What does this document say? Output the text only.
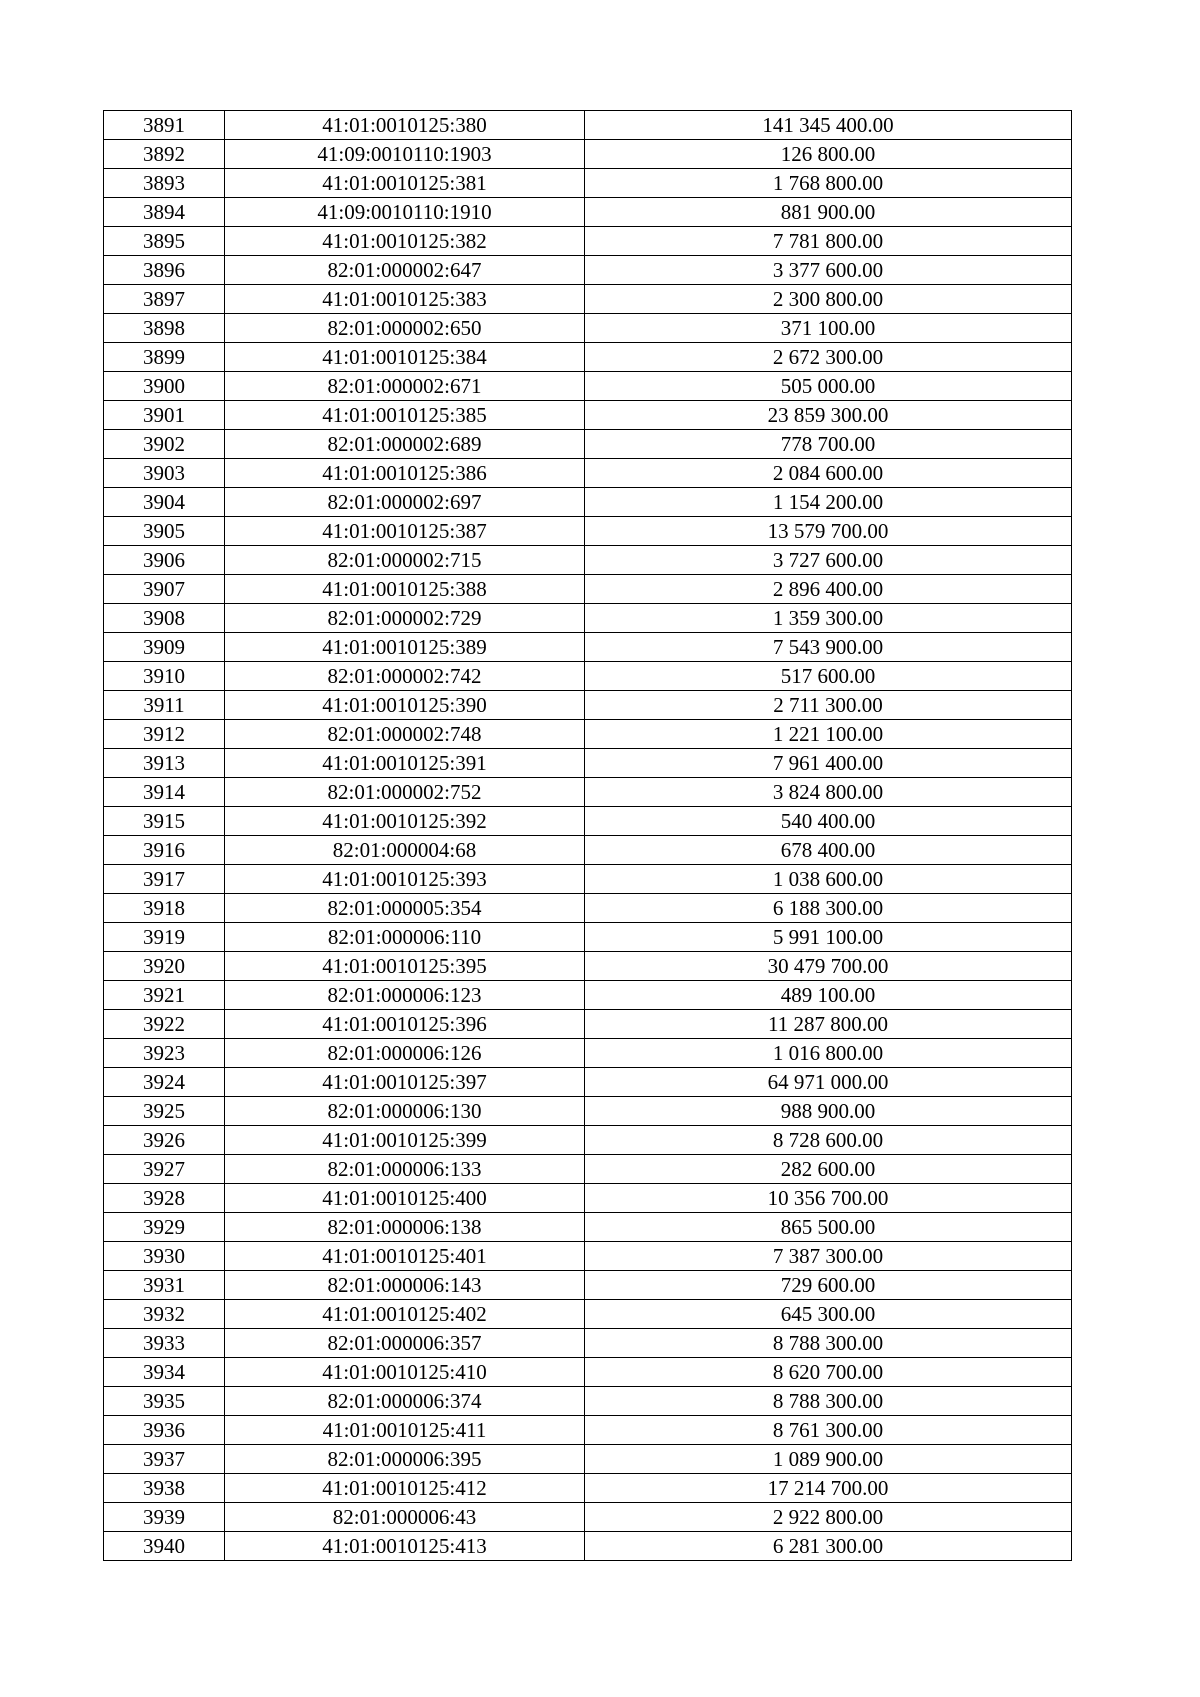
3891	41:01:0010125:380	141 345 400.00
3892	41:09:0010110:1903	126 800.00
3893	41:01:0010125:381	1 768 800.00
3894	41:09:0010110:1910	881 900.00
3895	41:01:0010125:382	7 781 800.00
3896	82:01:000002:647	3 377 600.00
3897	41:01:0010125:383	2 300 800.00
3898	82:01:000002:650	371 100.00
3899	41:01:0010125:384	2 672 300.00
3900	82:01:000002:671	505 000.00
3901	41:01:0010125:385	23 859 300.00
3902	82:01:000002:689	778 700.00
3903	41:01:0010125:386	2 084 600.00
3904	82:01:000002:697	1 154 200.00
3905	41:01:0010125:387	13 579 700.00
3906	82:01:000002:715	3 727 600.00
3907	41:01:0010125:388	2 896 400.00
3908	82:01:000002:729	1 359 300.00
3909	41:01:0010125:389	7 543 900.00
3910	82:01:000002:742	517 600.00
3911	41:01:0010125:390	2 711 300.00
3912	82:01:000002:748	1 221 100.00
3913	41:01:0010125:391	7 961 400.00
3914	82:01:000002:752	3 824 800.00
3915	41:01:0010125:392	540 400.00
3916	82:01:000004:68	678 400.00
3917	41:01:0010125:393	1 038 600.00
3918	82:01:000005:354	6 188 300.00
3919	82:01:000006:110	5 991 100.00
3920	41:01:0010125:395	30 479 700.00
3921	82:01:000006:123	489 100.00
3922	41:01:0010125:396	11 287 800.00
3923	82:01:000006:126	1 016 800.00
3924	41:01:0010125:397	64 971 000.00
3925	82:01:000006:130	988 900.00
3926	41:01:0010125:399	8 728 600.00
3927	82:01:000006:133	282 600.00
3928	41:01:0010125:400	10 356 700.00
3929	82:01:000006:138	865 500.00
3930	41:01:0010125:401	7 387 300.00
3931	82:01:000006:143	729 600.00
3932	41:01:0010125:402	645 300.00
3933	82:01:000006:357	8 788 300.00
3934	41:01:0010125:410	8 620 700.00
3935	82:01:000006:374	8 788 300.00
3936	41:01:0010125:411	8 761 300.00
3937	82:01:000006:395	1 089 900.00
3938	41:01:0010125:412	17 214 700.00
3939	82:01:000006:43	2 922 800.00
3940	41:01:0010125:413	6 281 300.00
